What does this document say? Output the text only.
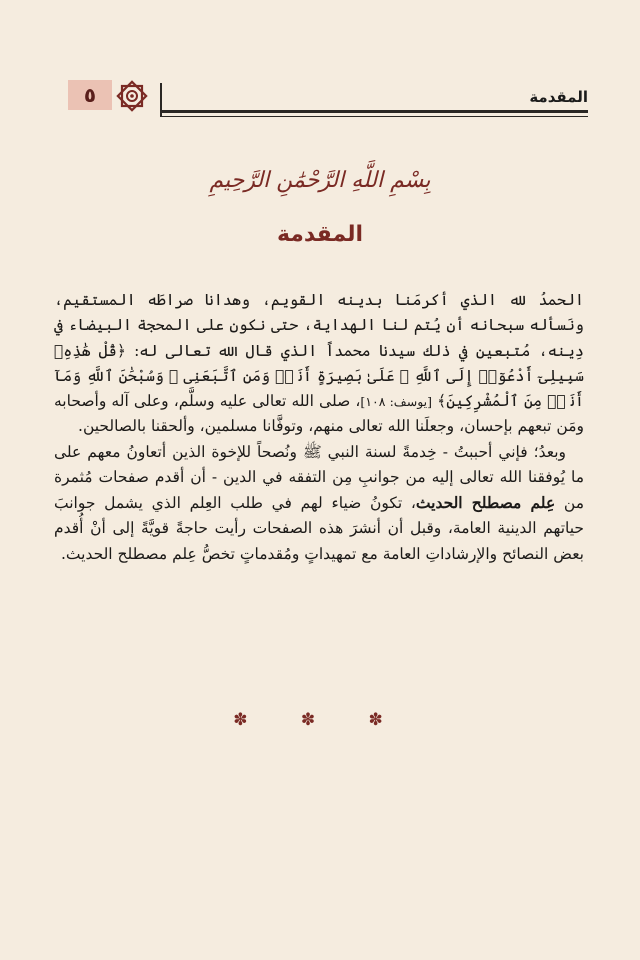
المقدمة
٥
بِسْمِ اللَّهِ الرَّحْمَٰنِ الرَّحِيمِ
المقدمة

الحمدُ لله الذي أكرمَنا بدينه القويم، وهدانا صراطَه المستقيم، ونَسأله سبحانه أن يُتم لنا الهداية، حتى نكون على المحجة البيضاء في دِينه، مُتبعين في ذلك سيدنا محمداً الذي قال الله تعالى له: ﴿قُلْ هَٰذِهِۦ سَبِيلِىٓ أَدْعُوٓا۟ إِلَى ٱللَّهِ ۚ عَلَىٰ بَصِيرَةٍ أَنَا۠ وَمَنِ ٱتَّبَعَنِى ۖ وَسُبْحَٰنَ ٱللَّهِ وَمَآ أَنَا۠ مِنَ ٱلْمُشْرِكِينَ﴾ [يوسف: ١٠٨]، صلى الله تعالى عليه وسلَّم، وعلى آله وأصحابه ومَن تبعهم بإحسان، وجعلَنا الله تعالى منهم، وتوفَّانا مسلمين، وألحقنا بالصالحين.

وبعدُ؛ فإني أحببتُ - خِدمةً لسنة النبي ﷺ ونُصحاً للإخوة الذين أتعاونُ معهم على ما يُوفقنا الله تعالى إليه من جوانبِ مِن التفقه في الدين - أن أقدم صفحات مُثمرة من عِلم مصطلح الحديث، تكونُ ضياء لهم في طلب العِلم الذي يشمل جوانبَ حياتهم الدينية العامة، وقبل أن أنشرَ هذه الصفحات رأيت حاجةً قويَّةً إلى أنْ أُقدم بعض النصائح والإرشاداتِ العامة مع تمهيداتٍ ومُقدماتٍ تخصُّ عِلم مصطلح الحديث.

✽ ✽ ✽
